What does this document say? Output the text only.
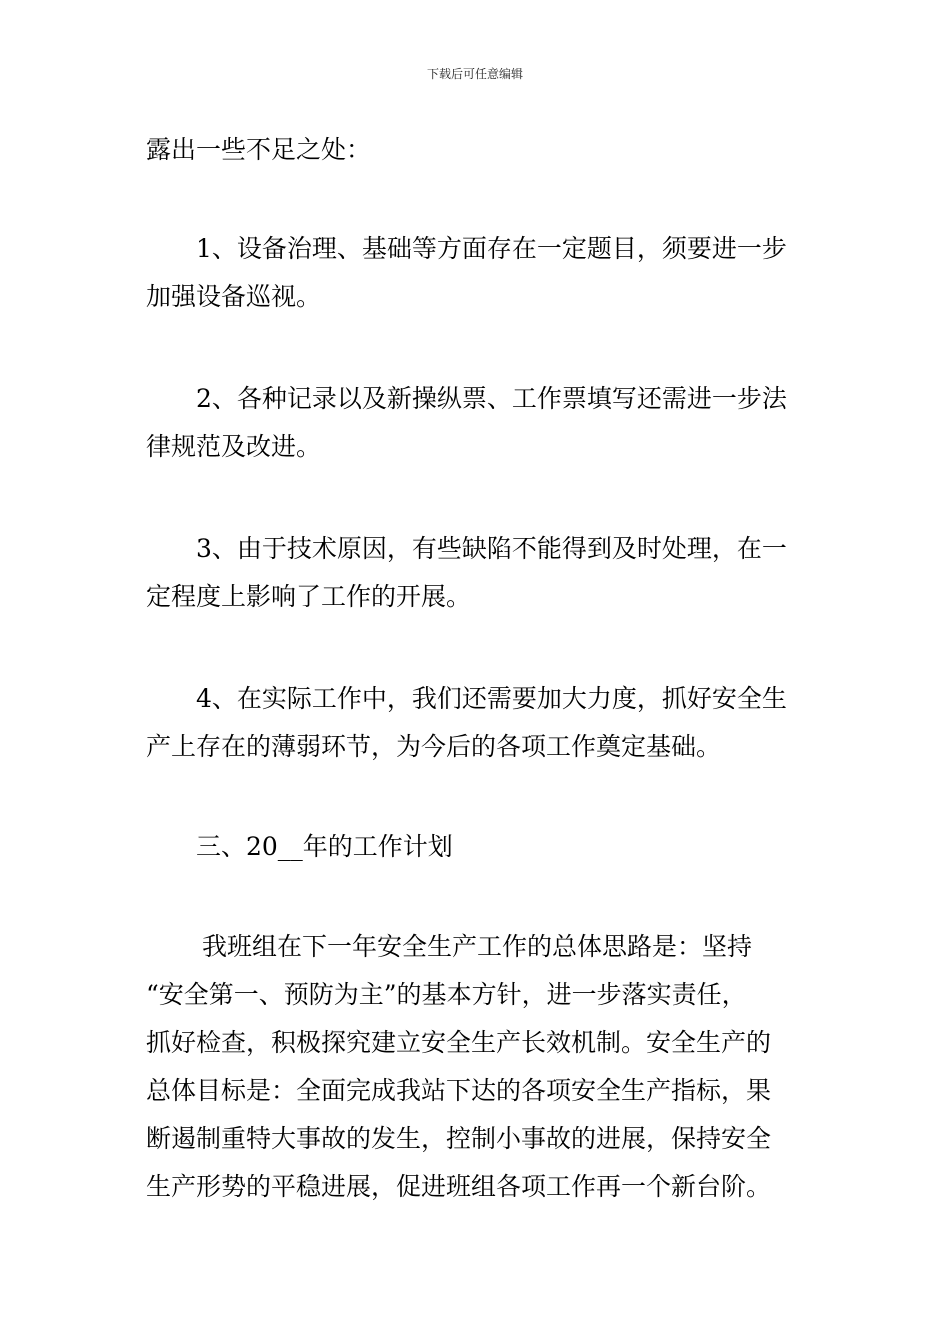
下载后可任意编辑
露出一些不足之处：
1、设备治理、基础等方面存在一定题目，须要进一步
加强设备巡视。
2、各种记录以及新操纵票、工作票填写还需进一步法
律规范及改进。
3、由于技术原因，有些缺陷不能得到及时处理，在一
定程度上影响了工作的开展。
4、在实际工作中，我们还需要加大力度，抓好安全生
产上存在的薄弱环节，为今后的各项工作奠定基础。
三、20__年的工作计划
我班组在下一年安全生产工作的总体思路是：坚持
“安全第一、预防为主”的基本方针，进一步落实责任，
抓好检查，积极探究建立安全生产长效机制。安全生产的
总体目标是：全面完成我站下达的各项安全生产指标，果
断遏制重特大事故的发生，控制小事故的进展，保持安全
生产形势的平稳进展，促进班组各项工作再一个新台阶。
